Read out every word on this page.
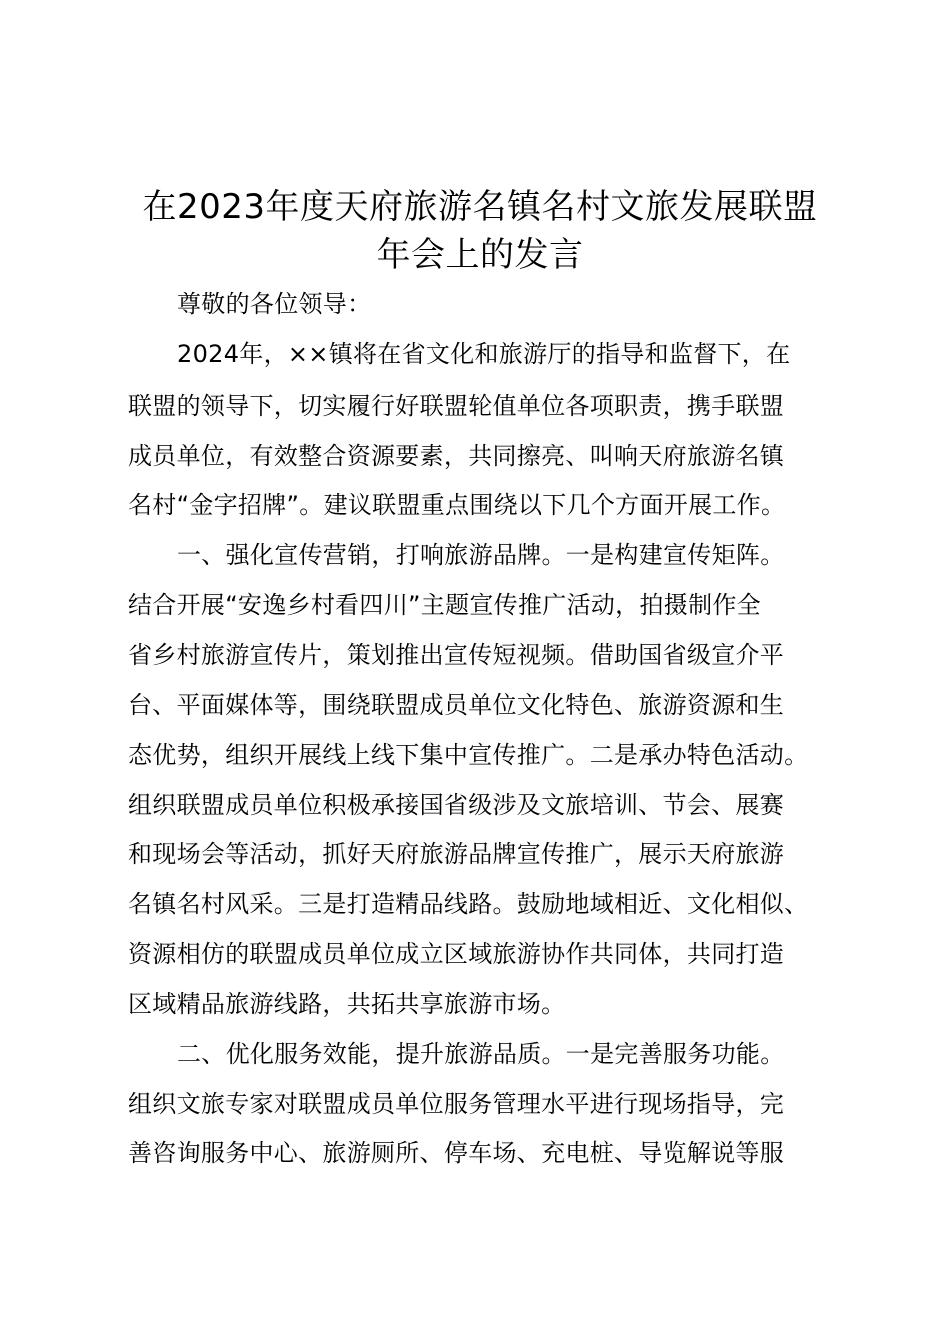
在2023年度天府旅游名镇名村文旅发展联盟
年会上的发言
尊敬的各位领导：
2024年，××镇将在省文化和旅游厅的指导和监督下，在
联盟的领导下，切实履行好联盟轮值单位各项职责，携手联盟
成员单位，有效整合资源要素，共同擦亮、叫响天府旅游名镇
名村“金字招牌”。建议联盟重点围绕以下几个方面开展工作。
一、强化宣传营销，打响旅游品牌。一是构建宣传矩阵。
结合开展“安逸乡村看四川”主题宣传推广活动，拍摄制作全
省乡村旅游宣传片，策划推出宣传短视频。借助国省级宣介平
台、平面媒体等，围绕联盟成员单位文化特色、旅游资源和生
态优势，组织开展线上线下集中宣传推广。二是承办特色活动。
组织联盟成员单位积极承接国省级涉及文旅培训、节会、展赛
和现场会等活动，抓好天府旅游品牌宣传推广，展示天府旅游
名镇名村风采。三是打造精品线路。鼓励地域相近、文化相似、
资源相仿的联盟成员单位成立区域旅游协作共同体，共同打造
区域精品旅游线路，共拓共享旅游市场。
二、优化服务效能，提升旅游品质。一是完善服务功能。
组织文旅专家对联盟成员单位服务管理水平进行现场指导，完
善咨询服务中心、旅游厕所、停车场、充电桩、导览解说等服
